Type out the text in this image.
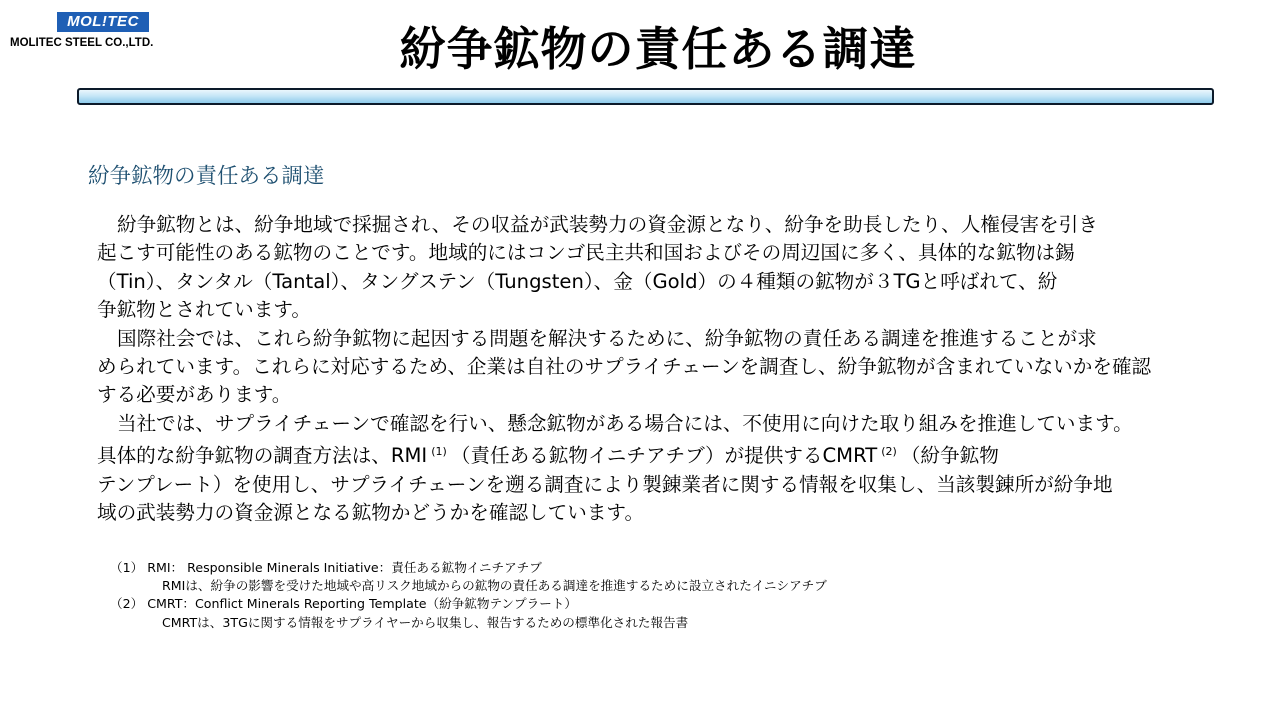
MOL!TEC
MOLITEC STEEL CO.,LTD.	紛争鉱物の責任ある調達
紛争鉱物の責任ある調達

紛争鉱物とは、紛争地域で採掘され、その収益が武装勢力の資金源となり、紛争を助長したり、人権侵害を引き
起こす可能性のある鉱物のことです。地域的にはコンゴ民主共和国およびその周辺国に多く、具体的な鉱物は錫
（Tin）、タンタル（Tantal）、タングステン（Tungsten）、金（Gold）の４種類の鉱物が３TGと呼ばれて、紛
争鉱物とされています。

国際社会では、これら紛争鉱物に起因する問題を解決するために、紛争鉱物の責任ある調達を推進することが求
められています。これらに対応するため、企業は自社のサプライチェーンを調査し、紛争鉱物が含まれていないかを確認
する必要があります。

当社では、サプライチェーンで確認を行い、懸念鉱物がある場合には、不使用に向けた取り組みを推進しています。
具体的な紛争鉱物の調査方法は、RMI $^{(1)}$ （責任ある鉱物イニチアチブ）が提供するCMRT $^{(2)}$ （紛争鉱物
テンプレート）を使用し、サプライチェーンを遡る調査により製錬業者に関する情報を収集し、当該製錬所が紛争地
域の武装勢力の資金源となる鉱物かどうかを確認しています。

（1） RMI： Responsible Minerals Initiative：責任ある鉱物イニチアチブ
RMIは、紛争の影響を受けた地域や高リスク地域からの鉱物の責任ある調達を推進するために設立されたイニシアチブ
（2） CMRT：Conflict Minerals Reporting Template（紛争鉱物テンプラート）
CMRTは、3TGに関する情報をサプライヤーから収集し、報告するための標準化された報告書
